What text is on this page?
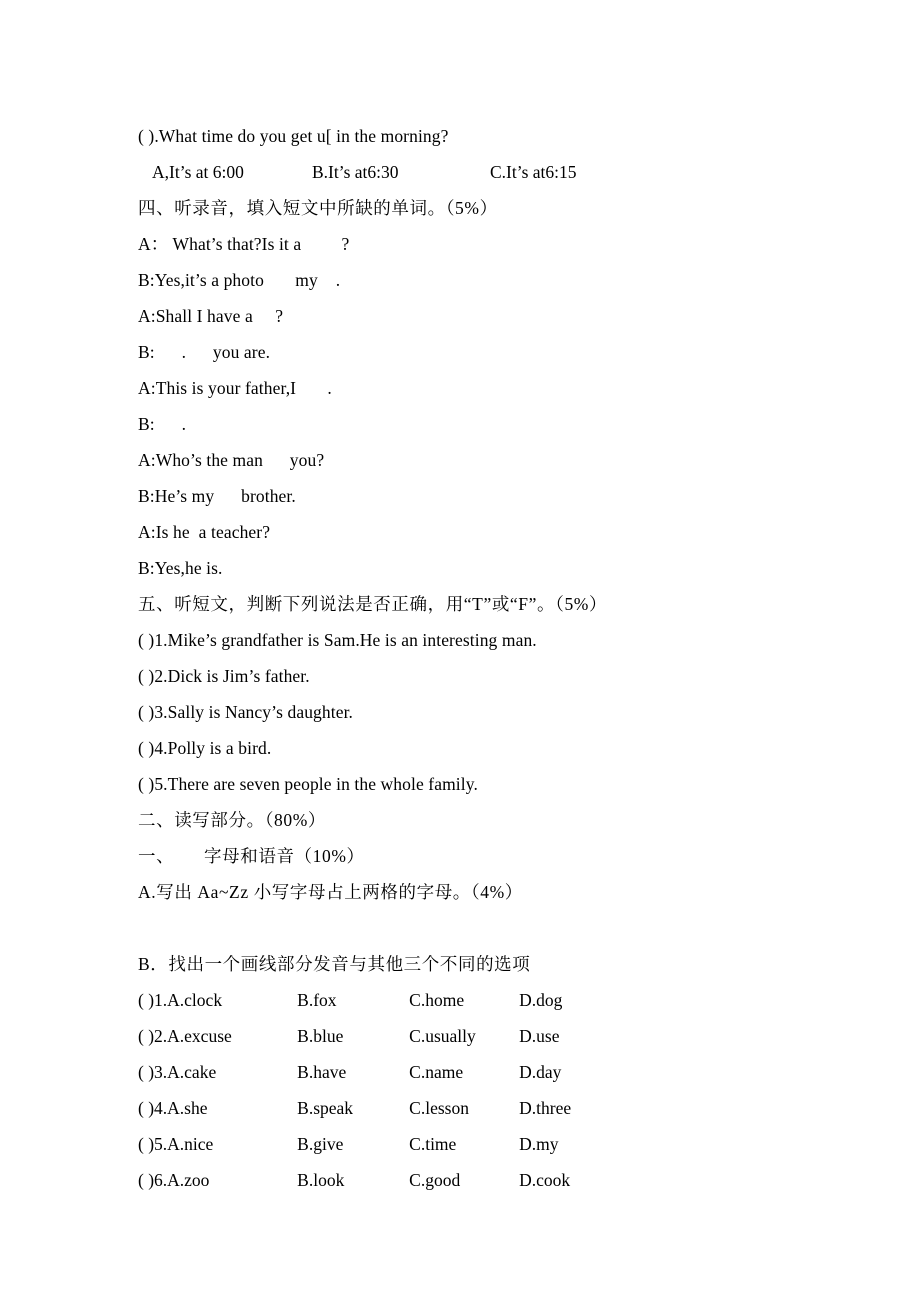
( ).What time do you get u[ in the morning?
A,It’s at 6:00	B.It’s at6:30	C.It’s at6:15
四、听录音，填入短文中所缺的单词。（5%）
A： What’s that?Is it a         ?
B:Yes,it’s a photo       my    .
A:Shall I have a     ?
B:      .      you are.
A:This is your father,I       .
B:      .
A:Who’s the man      you?
B:He’s my      brother.
A:Is he  a teacher?
B:Yes,he is.
五、听短文，判断下列说法是否正确，用“T”或“F”。（5%）
( )1.Mike’s grandfather is Sam.He is an interesting man.
( )2.Dick is Jim’s father.
( )3.Sally is Nancy’s daughter.
( )4.Polly is a bird.
( )5.There are seven people in the whole family.
二、读写部分。（80%）
一、      字母和语音（10%）
A.写出 Aa~Zz 小写字母占上两格的字母。（4%）
B．找出一个画线部分发音与其他三个不同的选项
( )1. A.clock	B.fox	C.home	D.dog
( )2. A.excuse	B.blue	C.usually	D.use
( )3. A.cake	B.have	C.name	D.day
( )4. A.she	B.speak	C.lesson	D.three
( )5. A.nice	B.give	C.time	D.my
( )6. A.zoo	B.look	C.good	D.cook
